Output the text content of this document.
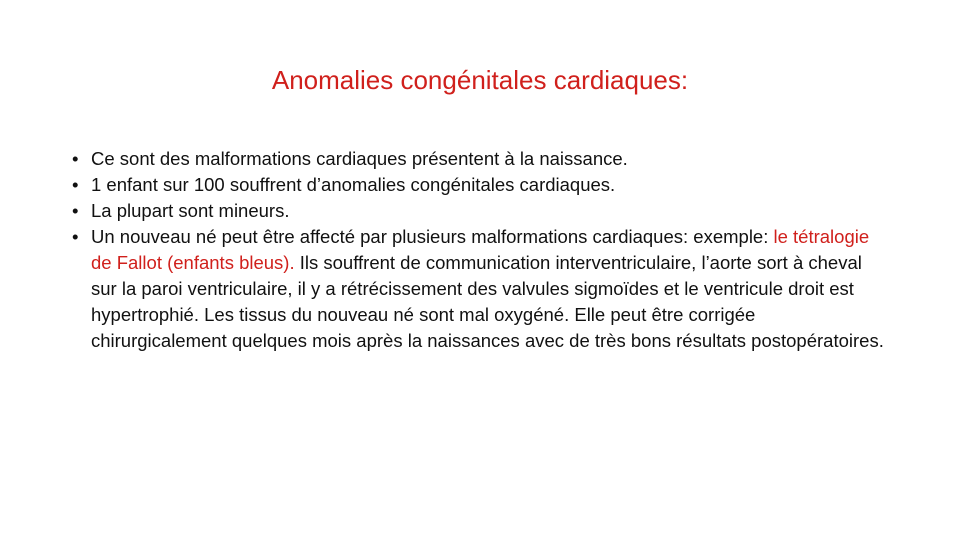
Anomalies congénitales cardiaques:
• Ce sont des malformations cardiaques présentent à la naissance.
• 1 enfant sur 100 souffrent d’anomalies congénitales cardiaques.
• La plupart sont mineurs.
• Un nouveau né peut être affecté par plusieurs malformations cardiaques: exemple: le tétralogie de Fallot (enfants bleus). Ils souffrent de communication interventriculaire, l’aorte sort à cheval sur la paroi ventriculaire, il y a rétrécissement des valvules sigmoïdes et le ventricule droit est hypertrophié. Les tissus du nouveau né sont mal oxygéné. Elle peut être corrigée chirurgicalement quelques mois après la naissances avec de très bons résultats postopératoires.
